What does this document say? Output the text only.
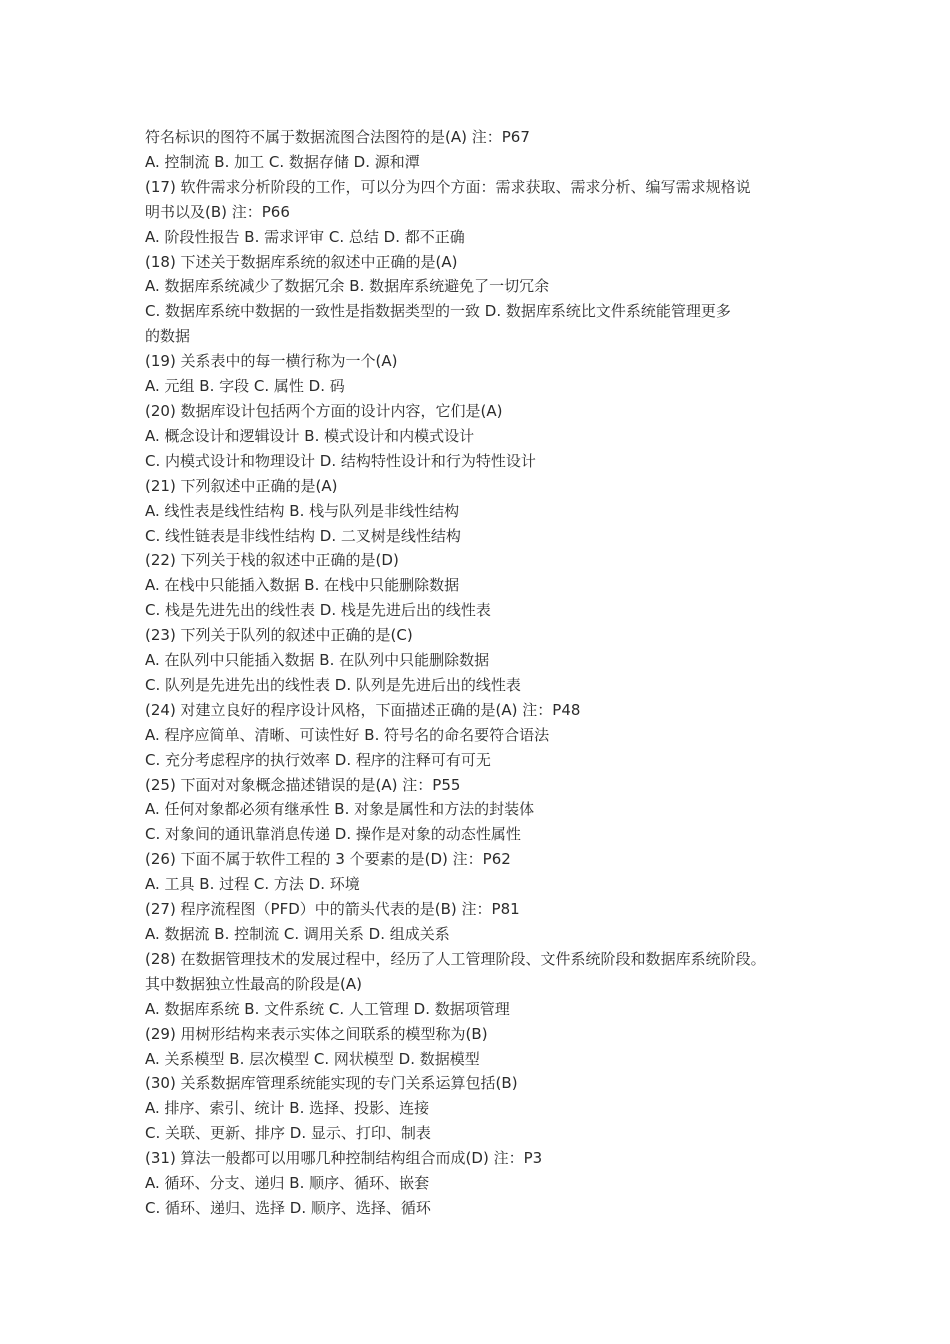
符名标识的图符不属于数据流图合法图符的是(A) 注：P67

A. 控制流 B. 加工 C. 数据存储 D. 源和潭

(17) 软件需求分析阶段的工作，可以分为四个方面：需求获取、需求分析、编写需求规格说

明书以及(B) 注：P66

A. 阶段性报告 B. 需求评审 C. 总结 D. 都不正确

(18) 下述关于数据库系统的叙述中正确的是(A)

A. 数据库系统减少了数据冗余 B. 数据库系统避免了一切冗余

C. 数据库系统中数据的一致性是指数据类型的一致 D. 数据库系统比文件系统能管理更多

的数据

(19) 关系表中的每一横行称为一个(A)

A. 元组 B. 字段 C. 属性 D. 码

(20) 数据库设计包括两个方面的设计内容，它们是(A)

A. 概念设计和逻辑设计 B. 模式设计和内模式设计

C. 内模式设计和物理设计 D. 结构特性设计和行为特性设计

(21) 下列叙述中正确的是(A)

A. 线性表是线性结构 B. 栈与队列是非线性结构

C. 线性链表是非线性结构 D. 二叉树是线性结构

(22) 下列关于栈的叙述中正确的是(D)

A. 在栈中只能插入数据 B. 在栈中只能删除数据

C. 栈是先进先出的线性表 D. 栈是先进后出的线性表

(23) 下列关于队列的叙述中正确的是(C)

A. 在队列中只能插入数据 B. 在队列中只能删除数据

C. 队列是先进先出的线性表 D. 队列是先进后出的线性表

(24) 对建立良好的程序设计风格，下面描述正确的是(A) 注：P48

A. 程序应简单、清晰、可读性好 B. 符号名的命名要符合语法

C. 充分考虑程序的执行效率 D. 程序的注释可有可无

(25) 下面对对象概念描述错误的是(A) 注：P55

A. 任何对象都必须有继承性 B. 对象是属性和方法的封装体

C. 对象间的通讯靠消息传递 D. 操作是对象的动态性属性

(26) 下面不属于软件工程的 3 个要素的是(D) 注：P62

A. 工具 B. 过程 C. 方法 D. 环境

(27) 程序流程图（PFD）中的箭头代表的是(B) 注：P81

A. 数据流 B. 控制流 C. 调用关系 D. 组成关系

(28) 在数据管理技术的发展过程中，经历了人工管理阶段、文件系统阶段和数据库系统阶段。

其中数据独立性最高的阶段是(A)

A. 数据库系统 B. 文件系统 C. 人工管理 D. 数据项管理

(29) 用树形结构来表示实体之间联系的模型称为(B)

A. 关系模型 B. 层次模型 C. 网状模型 D. 数据模型

(30) 关系数据库管理系统能实现的专门关系运算包括(B)

A. 排序、索引、统计 B. 选择、投影、连接

C. 关联、更新、排序 D. 显示、打印、制表

(31) 算法一般都可以用哪几种控制结构组合而成(D) 注：P3

A. 循环、分支、递归 B. 顺序、循环、嵌套

C. 循环、递归、选择 D. 顺序、选择、循环
